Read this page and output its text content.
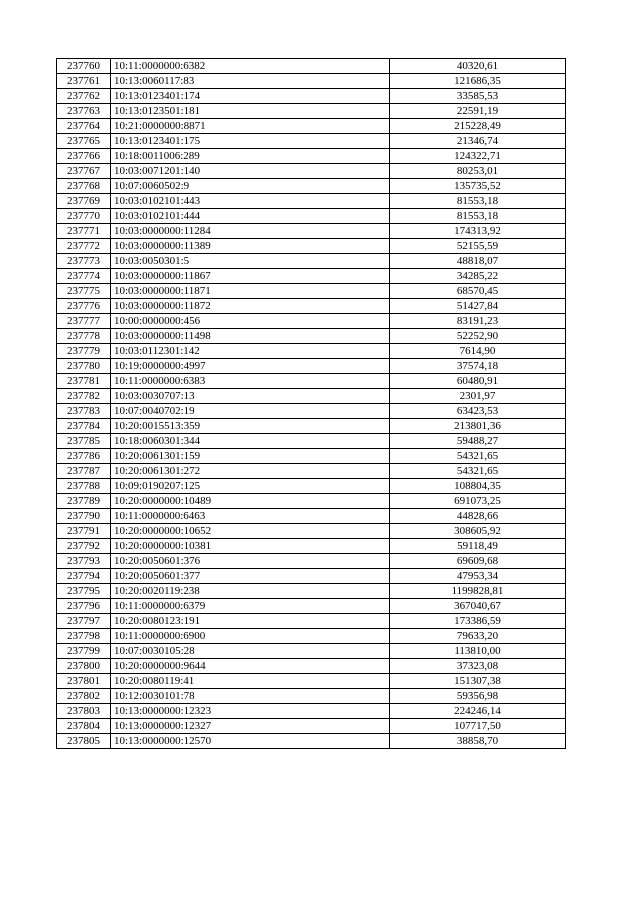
237760	10:11:0000000:6382	40320,61
237761	10:13:0060117:83	121686,35
237762	10:13:0123401:174	33585,53
237763	10:13:0123501:181	22591,19
237764	10:21:0000000:8871	215228,49
237765	10:13:0123401:175	21346,74
237766	10:18:0011006:289	124322,71
237767	10:03:0071201:140	80253,01
237768	10:07:0060502:9	135735,52
237769	10:03:0102101:443	81553,18
237770	10:03:0102101:444	81553,18
237771	10:03:0000000:11284	174313,92
237772	10:03:0000000:11389	52155,59
237773	10:03:0050301:5	48818,07
237774	10:03:0000000:11867	34285,22
237775	10:03:0000000:11871	68570,45
237776	10:03:0000000:11872	51427,84
237777	10:00:0000000:456	83191,23
237778	10:03:0000000:11498	52252,90
237779	10:03:0112301:142	7614,90
237780	10:19:0000000:4997	37574,18
237781	10:11:0000000:6383	60480,91
237782	10:03:0030707:13	2301,97
237783	10:07:0040702:19	63423,53
237784	10:20:0015513:359	213801,36
237785	10:18:0060301:344	59488,27
237786	10:20:0061301:159	54321,65
237787	10:20:0061301:272	54321,65
237788	10:09:0190207:125	108804,35
237789	10:20:0000000:10489	691073,25
237790	10:11:0000000:6463	44828,66
237791	10:20:0000000:10652	308605,92
237792	10:20:0000000:10381	59118,49
237793	10:20:0050601:376	69609,68
237794	10:20:0050601:377	47953,34
237795	10:20:0020119:238	1199828,81
237796	10:11:0000000:6379	367040,67
237797	10:20:0080123:191	173386,59
237798	10:11:0000000:6900	79633,20
237799	10:07:0030105:28	113810,00
237800	10:20:0000000:9644	37323,08
237801	10:20:0080119:41	151307,38
237802	10:12:0030101:78	59356,98
237803	10:13:0000000:12323	224246,14
237804	10:13:0000000:12327	107717,50
237805	10:13:0000000:12570	38858,70
